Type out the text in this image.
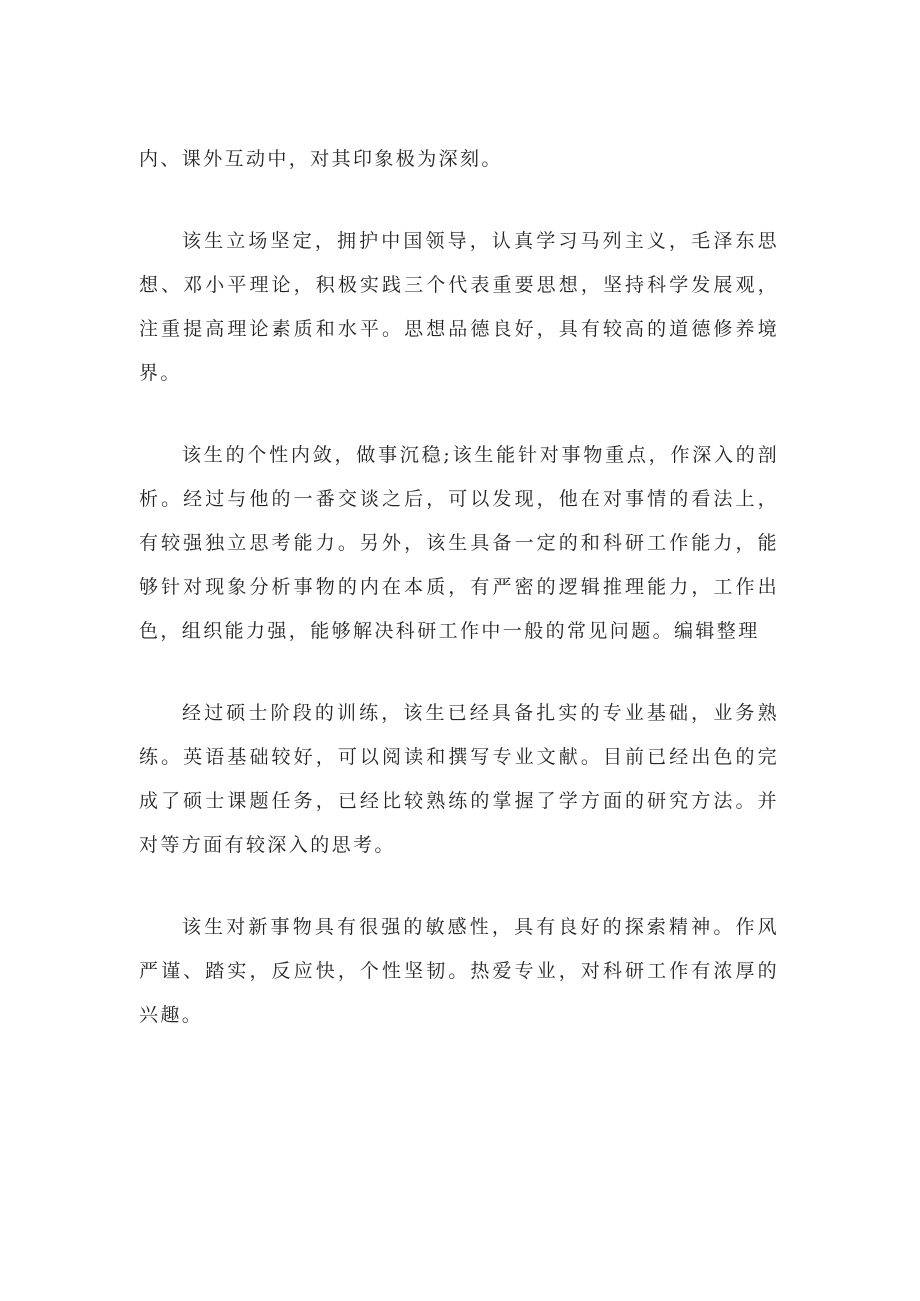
内、课外互动中，对其印象极为深刻。

该生立场坚定，拥护中国领导，认真学习马列主义，毛泽东思想、邓小平理论，积极实践三个代表重要思想，坚持科学发展观，注重提高理论素质和水平。思想品德良好，具有较高的道德修养境界。

该生的个性内敛，做事沉稳;该生能针对事物重点，作深入的剖析。经过与他的一番交谈之后，可以发现，他在对事情的看法上，有较强独立思考能力。另外，该生具备一定的和科研工作能力，能够针对现象分析事物的内在本质，有严密的逻辑推理能力，工作出色，组织能力强，能够解决科研工作中一般的常见问题。编辑整理

经过硕士阶段的训练，该生已经具备扎实的专业基础，业务熟练。英语基础较好，可以阅读和撰写专业文献。目前已经出色的完成了硕士课题任务，已经比较熟练的掌握了学方面的研究方法。并对等方面有较深入的思考。

该生对新事物具有很强的敏感性，具有良好的探索精神。作风严谨、踏实，反应快，个性坚韧。热爱专业，对科研工作有浓厚的兴趣。
